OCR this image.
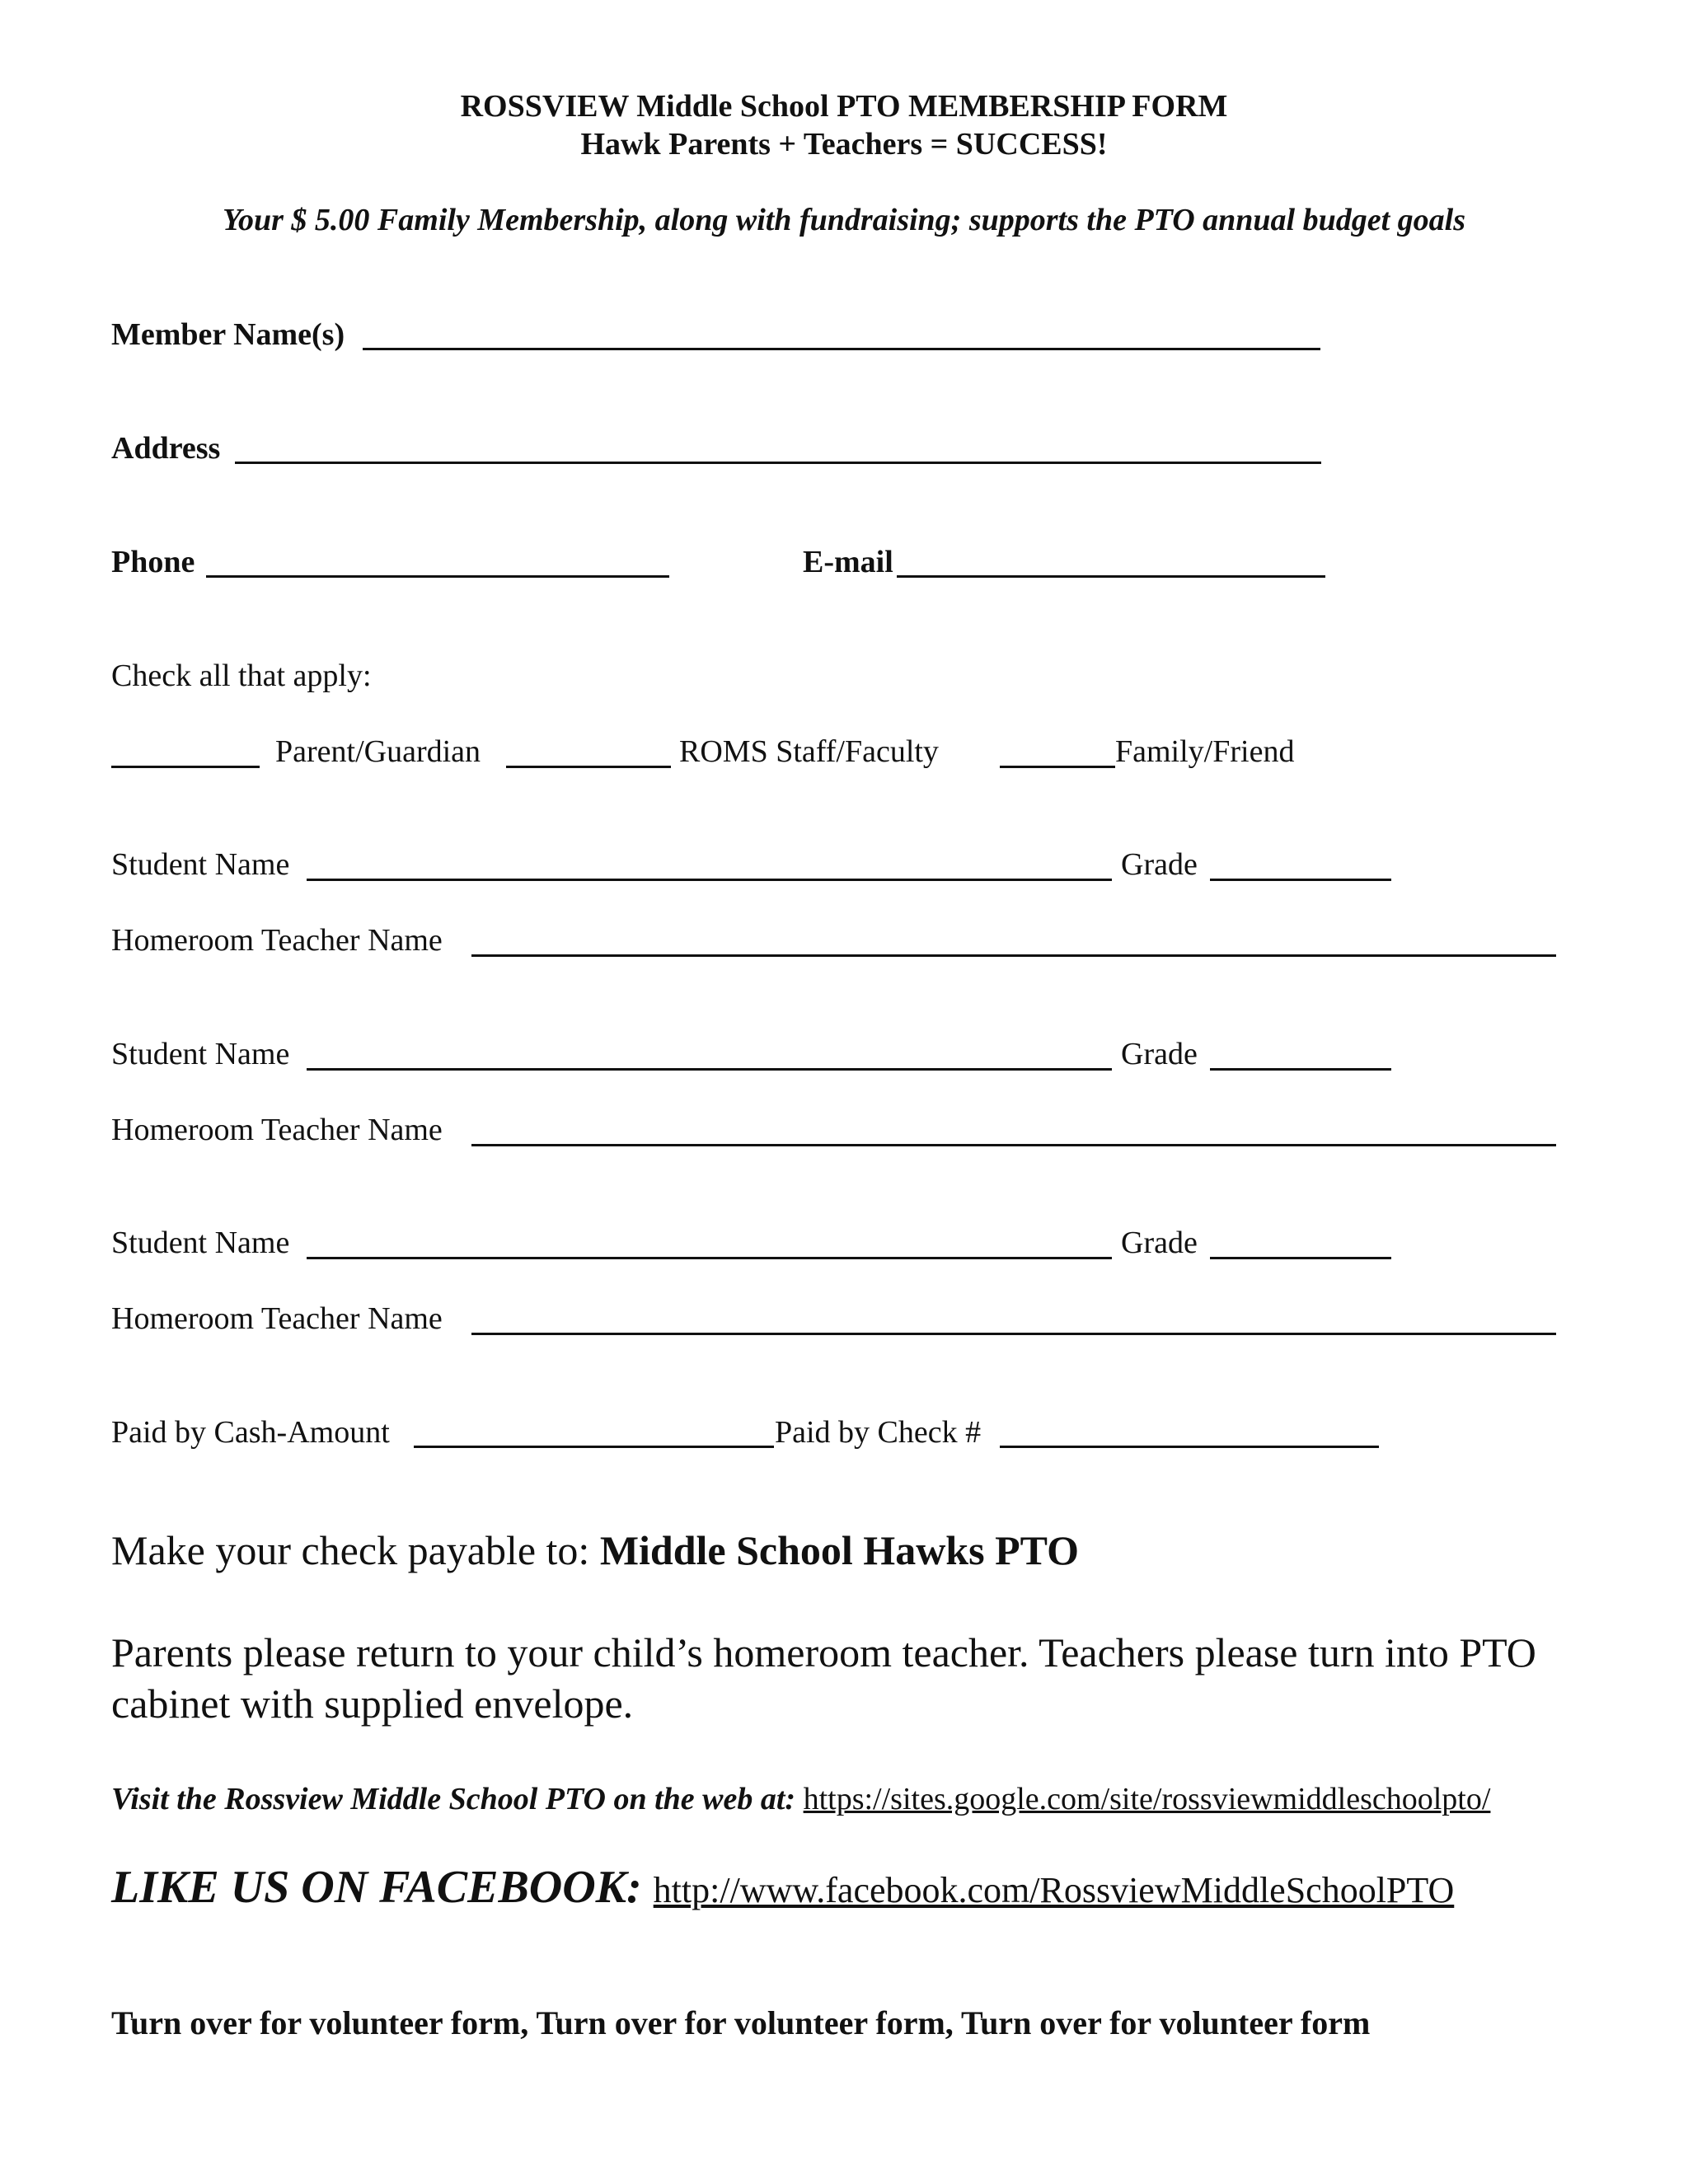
ROSSVIEW Middle School PTO MEMBERSHIP FORM
Hawk Parents + Teachers = SUCCESS!
Your $ 5.00 Family Membership, along with fundraising; supports the PTO annual budget goals
Member Name(s)
Address
Phone	E-mail
Check all that apply:
Parent/Guardian	ROMS Staff/Faculty	Family/Friend
Student Name	Grade
Homeroom Teacher Name
Student Name	Grade
Homeroom Teacher Name
Student Name	Grade
Homeroom Teacher Name
Paid by Cash-Amount	Paid by Check #
Make your check payable to: Middle School Hawks PTO
Parents please return to your child’s homeroom teacher. Teachers please turn into PTO cabinet with supplied envelope.
Visit the Rossview Middle School PTO on the web at: https://sites.google.com/site/rossviewmiddleschoolpto/
LIKE US ON FACEBOOK: http://www.facebook.com/RossviewMiddleSchoolPTO
Turn over for volunteer form, Turn over for volunteer form, Turn over for volunteer form
